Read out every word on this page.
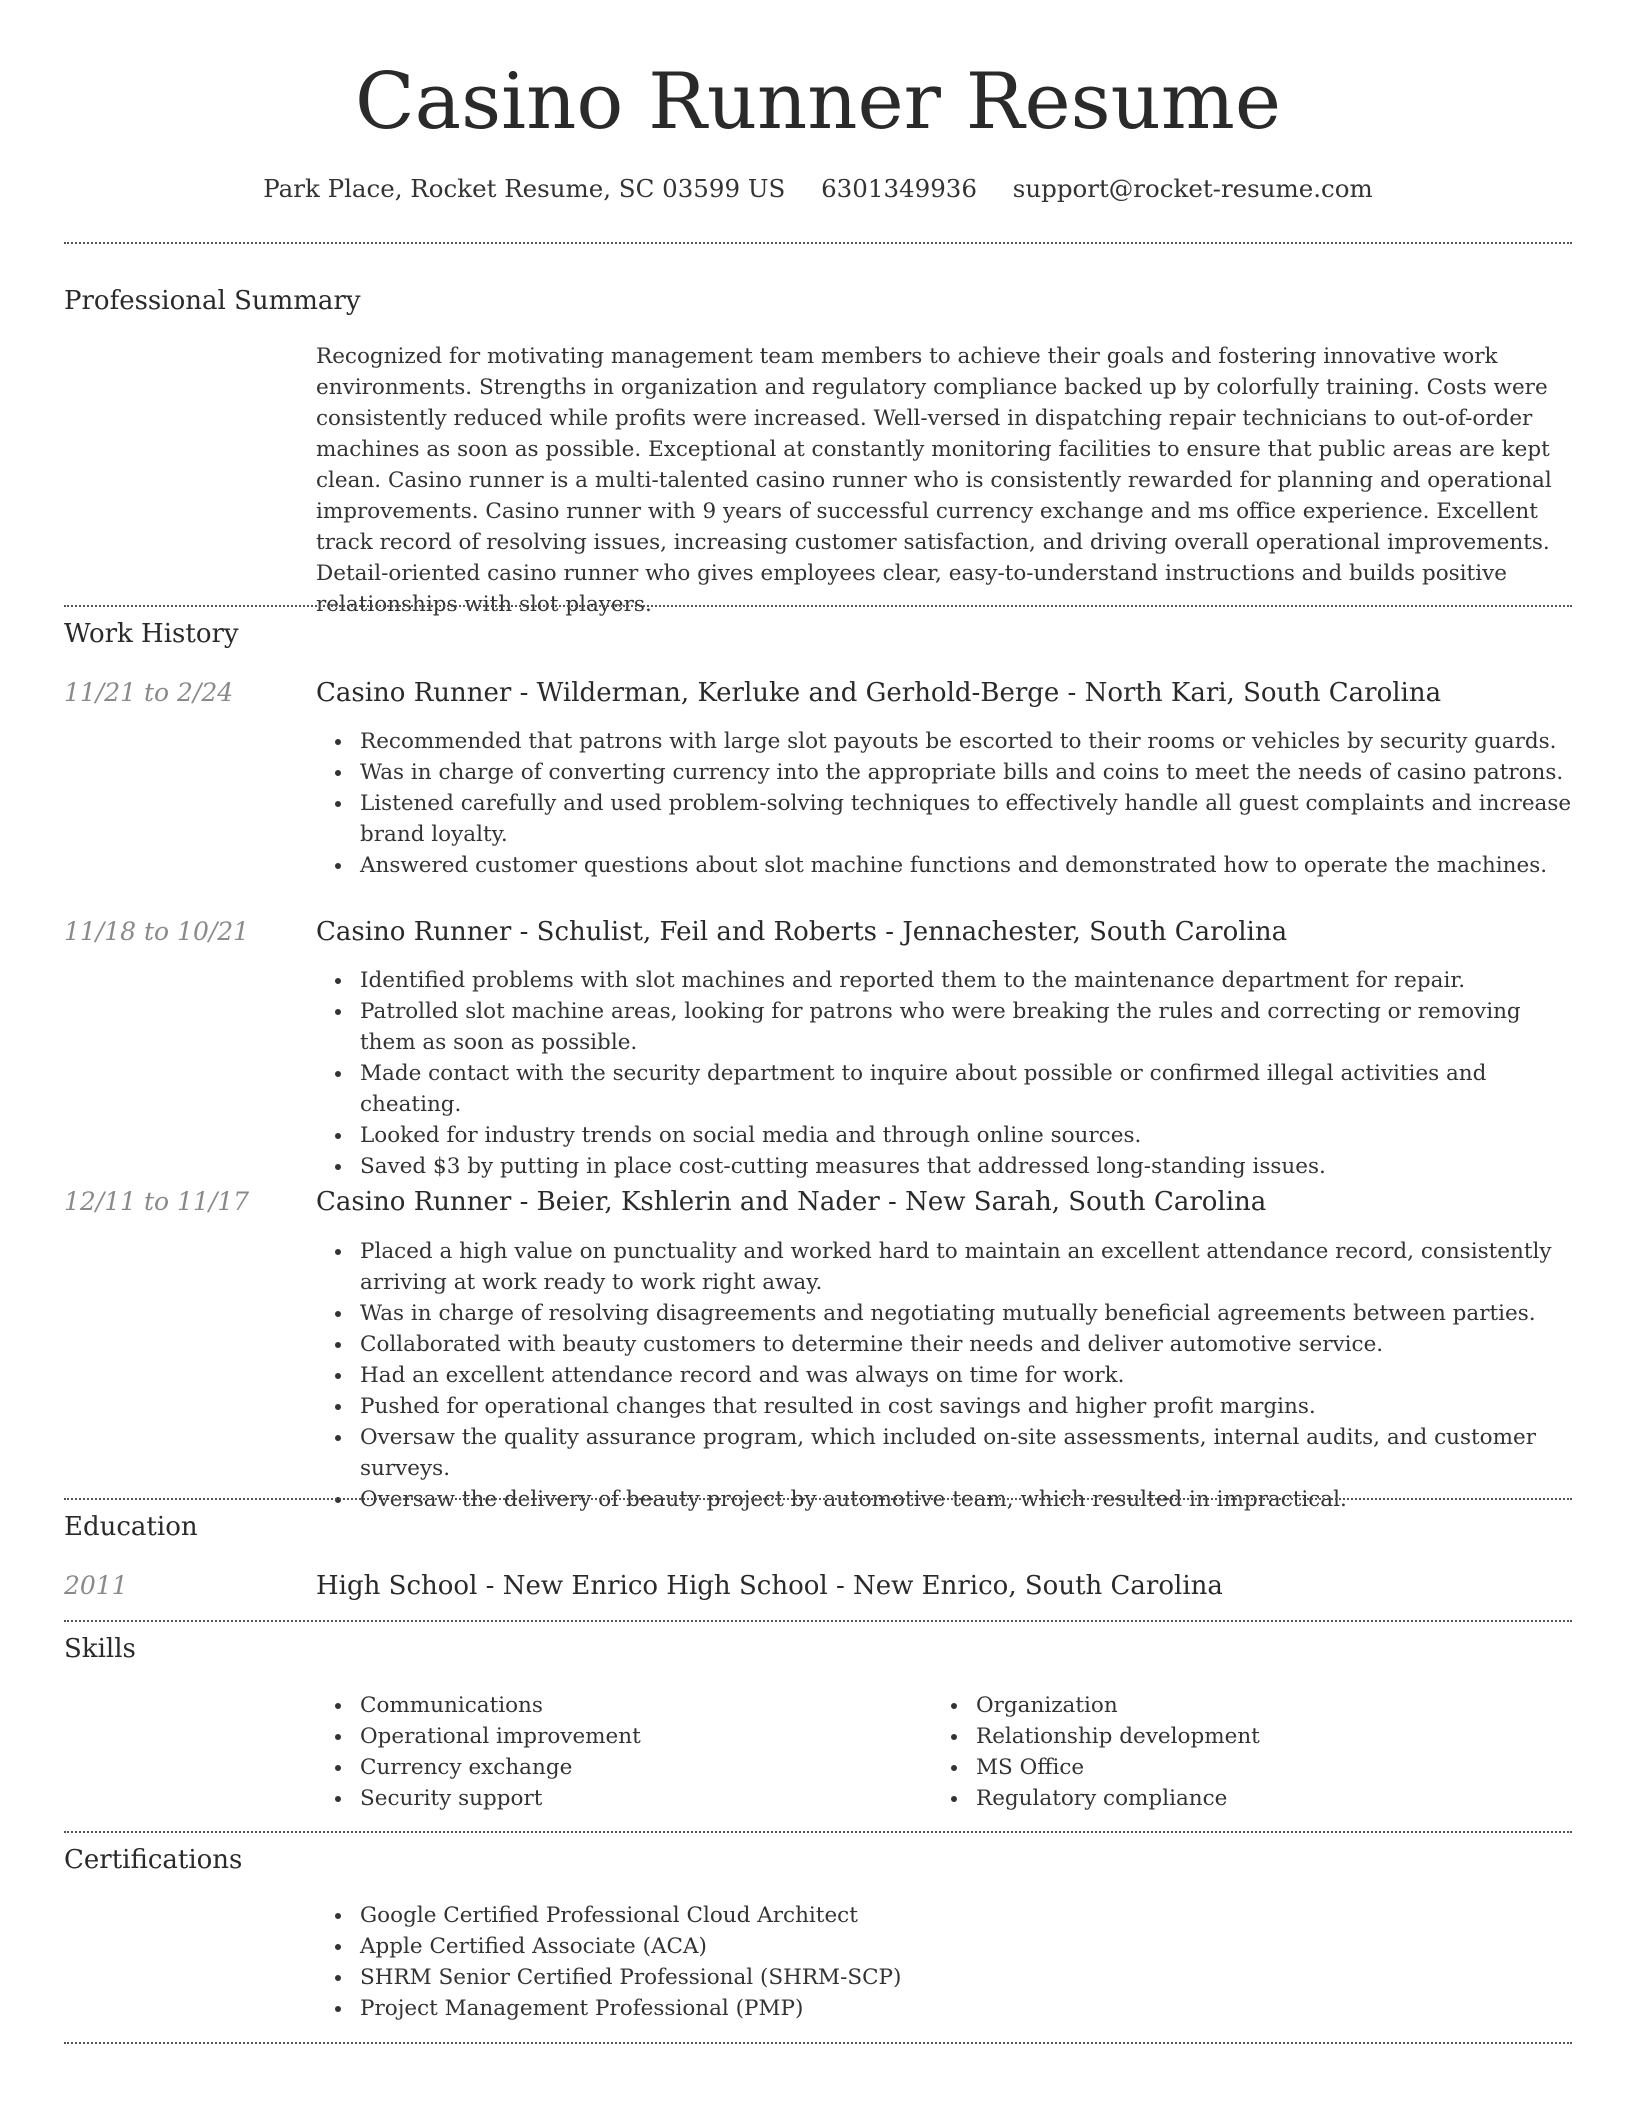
Casino Runner Resume
Park Place, Rocket Resume, SC 03599 US 6301349936 support@rocket-resume.com
Professional Summary
Recognized for motivating management team members to achieve their goals and fostering innovative work environments. Strengths in organization and regulatory compliance backed up by colorfully training. Costs were consistently reduced while profits were increased. Well-versed in dispatching repair technicians to out-of-order machines as soon as possible. Exceptional at constantly monitoring facilities to ensure that public areas are kept clean. Casino runner is a multi-talented casino runner who is consistently rewarded for planning and operational improvements. Casino runner with 9 years of successful currency exchange and ms office experience. Excellent track record of resolving issues, increasing customer satisfaction, and driving overall operational improvements. Detail-oriented casino runner who gives employees clear, easy-to-understand instructions and builds positive relationships with slot players.
Work History
11/21 to 2/24	Casino Runner - Wilderman, Kerluke and Gerhold-Berge - North Kari, South Carolina
Recommended that patrons with large slot payouts be escorted to their rooms or vehicles by security guards.
Was in charge of converting currency into the appropriate bills and coins to meet the needs of casino patrons.
Listened carefully and used problem-solving techniques to effectively handle all guest complaints and increase brand loyalty.
Answered customer questions about slot machine functions and demonstrated how to operate the machines.
11/18 to 10/21	Casino Runner - Schulist, Feil and Roberts - Jennachester, South Carolina
Identified problems with slot machines and reported them to the maintenance department for repair.
Patrolled slot machine areas, looking for patrons who were breaking the rules and correcting or removing them as soon as possible.
Made contact with the security department to inquire about possible or confirmed illegal activities and cheating.
Looked for industry trends on social media and through online sources.
Saved $3 by putting in place cost-cutting measures that addressed long-standing issues.
12/11 to 11/17	Casino Runner - Beier, Kshlerin and Nader - New Sarah, South Carolina
Placed a high value on punctuality and worked hard to maintain an excellent attendance record, consistently arriving at work ready to work right away.
Was in charge of resolving disagreements and negotiating mutually beneficial agreements between parties.
Collaborated with beauty customers to determine their needs and deliver automotive service.
Had an excellent attendance record and was always on time for work.
Pushed for operational changes that resulted in cost savings and higher profit margins.
Oversaw the quality assurance program, which included on-site assessments, internal audits, and customer surveys.
Oversaw the delivery of beauty project by automotive team, which resulted in impractical.
Education
2011	High School - New Enrico High School - New Enrico, South Carolina
Skills
Communications
Operational improvement
Currency exchange
Security support
Organization
Relationship development
MS Office
Regulatory compliance
Certifications
Google Certified Professional Cloud Architect
Apple Certified Associate (ACA)
SHRM Senior Certified Professional (SHRM-SCP)
Project Management Professional (PMP)
